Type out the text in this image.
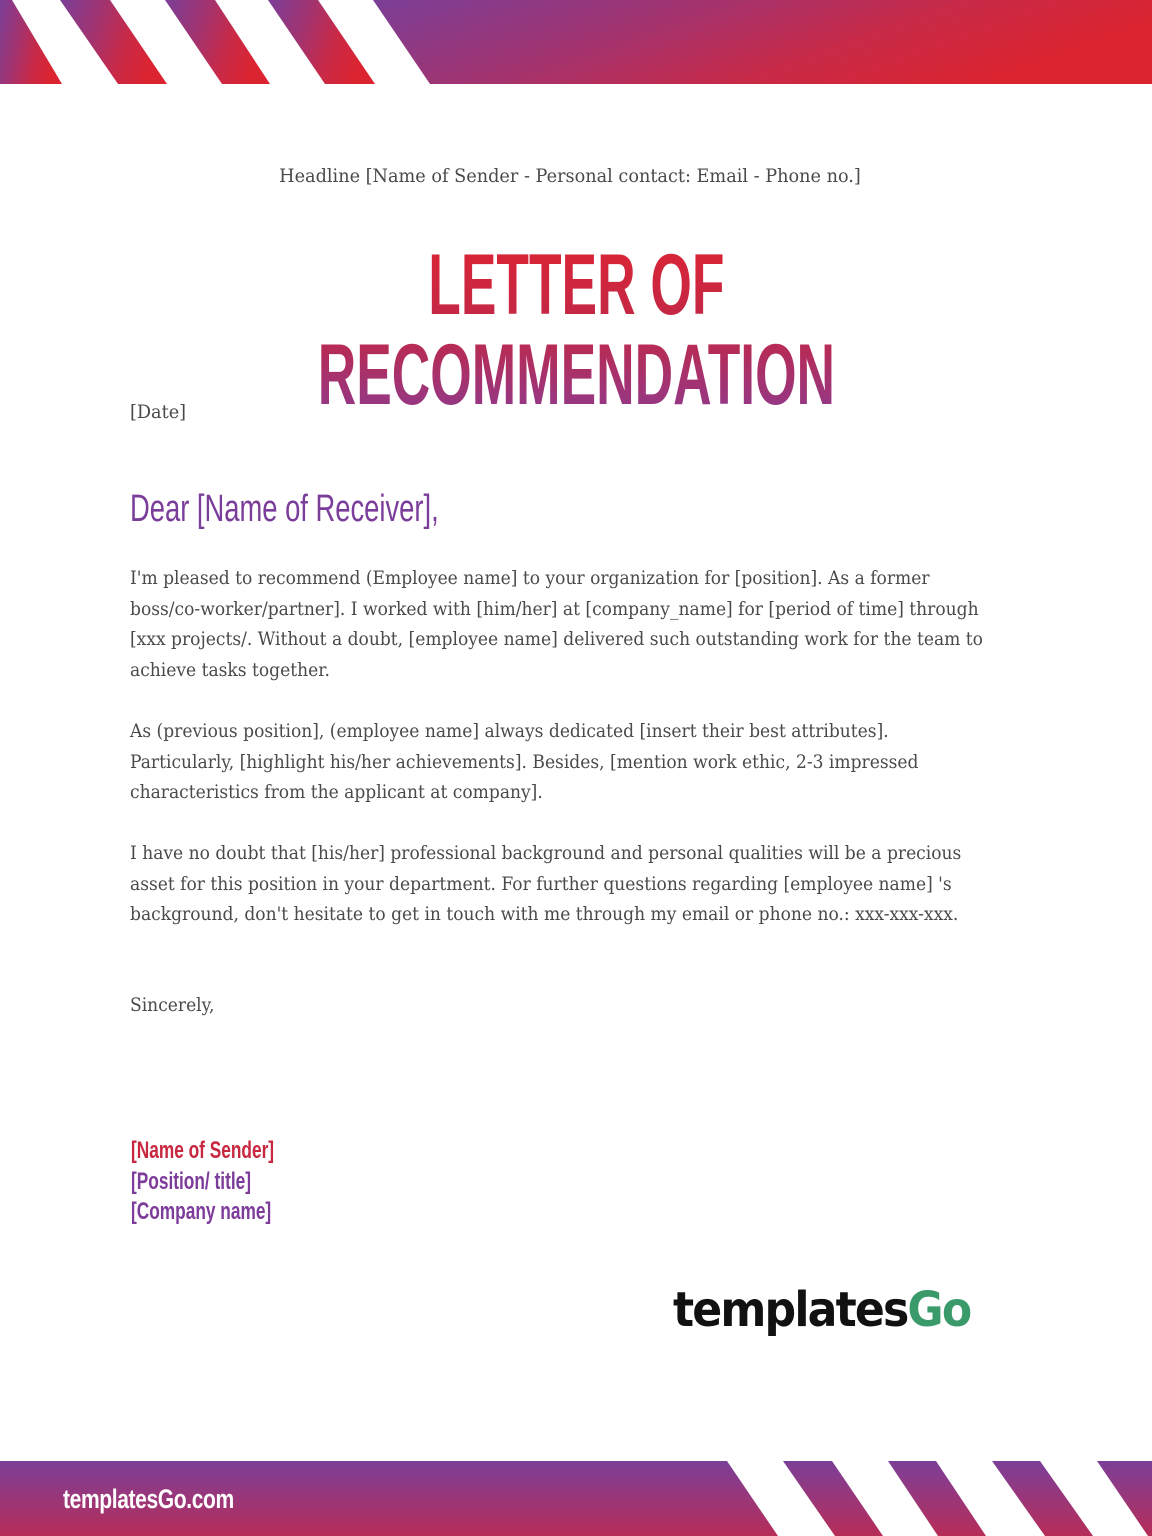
Headline [Name of Sender - Personal contact: Email - Phone no.]
LETTER OF RECOMMENDATION
[Date]
Dear [Name of Receiver],
I'm pleased to recommend (Employee name] to your organization for [position]. As a former boss/co-worker/partner]. I worked with [him/her] at [company_name] for [period of time] through [xxx projects/. Without a doubt, [employee name] delivered such outstanding work for the team to achieve tasks together.
As (previous position], (employee name] always dedicated [insert their best attributes]. Particularly, [highlight his/her achievements]. Besides, [mention work ethic, 2-3 impressed characteristics from the applicant at company].
I have no doubt that [his/her] professional background and personal qualities will be a precious asset for this position in your department. For further questions regarding [employee name] 's background, don't hesitate to get in touch with me through my email or phone no.: xxx-xxx-xxx.
Sincerely,
[Name of Sender]
[Position/ title]
[Company name]
templatesGo
templatesGo.com
